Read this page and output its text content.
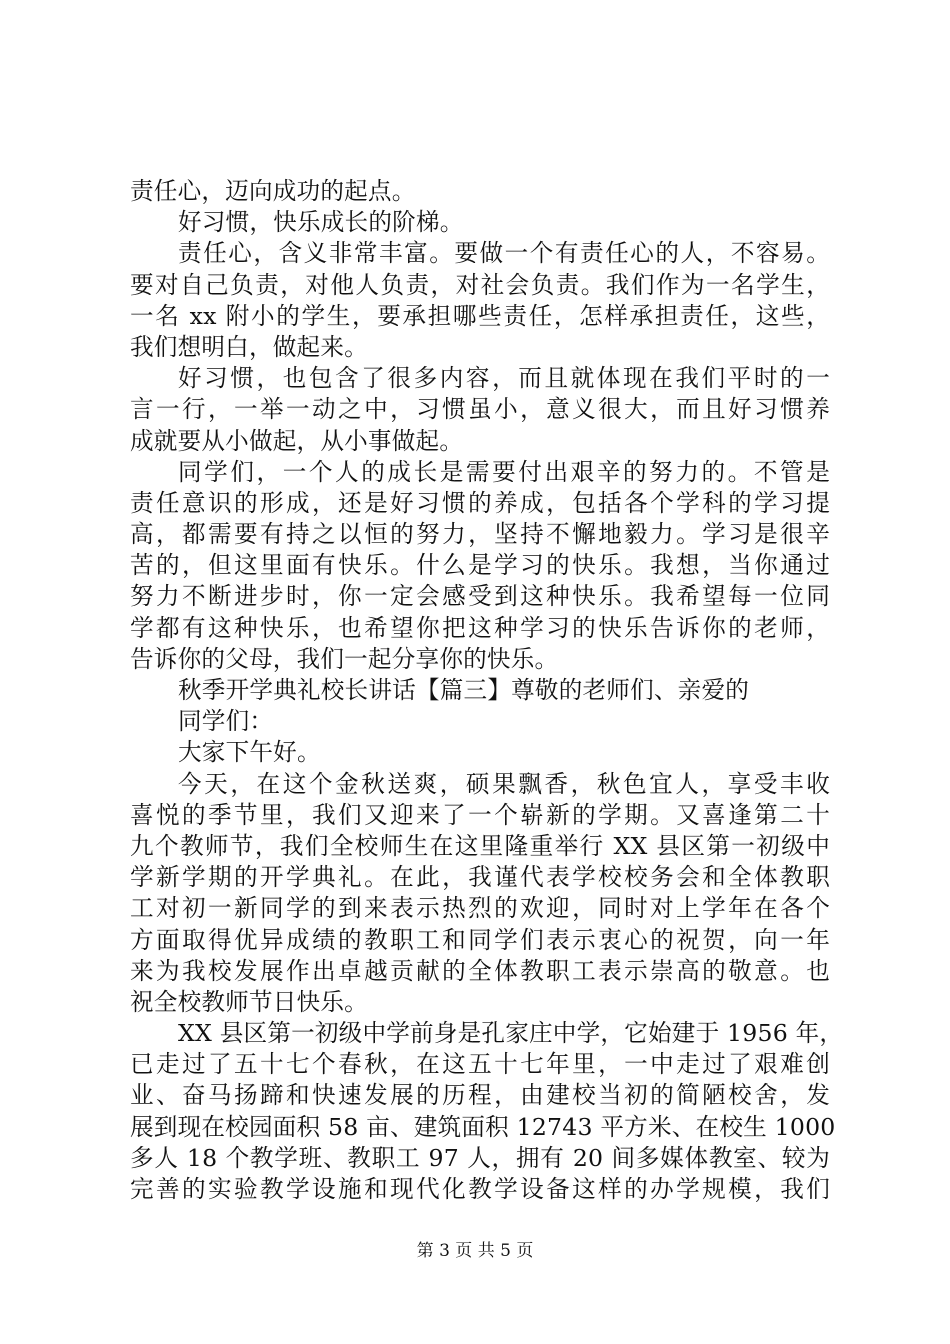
责任心，迈向成功的起点。
好习惯，快乐成长的阶梯。
责任心，含义非常丰富。要做一个有责任心的人，不容易。
要对自己负责，对他人负责，对社会负责。我们作为一名学生，
一名 xx 附小的学生，要承担哪些责任，怎样承担责任，这些，
我们想明白，做起来。
好习惯，也包含了很多内容，而且就体现在我们平时的一
言一行，一举一动之中，习惯虽小，意义很大，而且好习惯养
成就要从小做起，从小事做起。
同学们，一个人的成长是需要付出艰辛的努力的。不管是
责任意识的形成，还是好习惯的养成，包括各个学科的学习提
高，都需要有持之以恒的努力，坚持不懈地毅力。学习是很辛
苦的，但这里面有快乐。什么是学习的快乐。我想，当你通过
努力不断进步时，你一定会感受到这种快乐。我希望每一位同
学都有这种快乐，也希望你把这种学习的快乐告诉你的老师，
告诉你的父母，我们一起分享你的快乐。
秋季开学典礼校长讲话【篇三】尊敬的老师们、亲爱的
同学们：
大家下午好。
今天，在这个金秋送爽，硕果飘香，秋色宜人，享受丰收
喜悦的季节里，我们又迎来了一个崭新的学期。又喜逢第二十
九个教师节，我们全校师生在这里隆重举行 XX 县区第一初级中
学新学期的开学典礼。在此，我谨代表学校校务会和全体教职
工对初一新同学的到来表示热烈的欢迎，同时对上学年在各个
方面取得优异成绩的教职工和同学们表示衷心的祝贺，向一年
来为我校发展作出卓越贡献的全体教职工表示崇高的敬意。也
祝全校教师节日快乐。
XX 县区第一初级中学前身是孔家庄中学，它始建于 1956 年，
已走过了五十七个春秋，在这五十七年里，一中走过了艰难创
业、奋马扬蹄和快速发展的历程，由建校当初的简陋校舍，发
展到现在校园面积 58 亩、建筑面积 12743 平方米、在校生 1000
多人 18 个教学班、教职工 97 人，拥有 20 间多媒体教室、较为
完善的实验教学设施和现代化教学设备这样的办学规模，我们
第 3 页 共 5 页
